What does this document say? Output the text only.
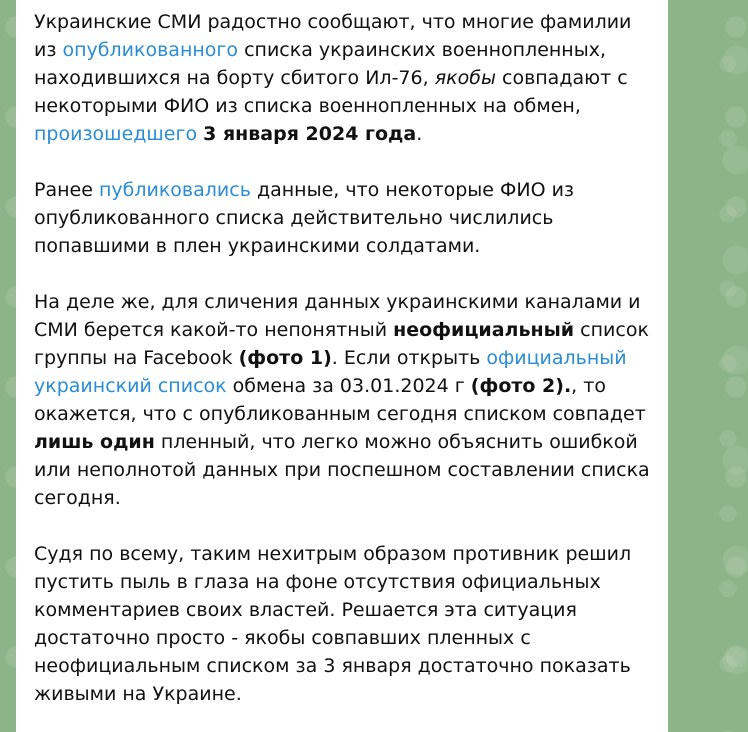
Украинские СМИ радостно сообщают, что многие фамилии из опубликованного списка украинских военнопленных, находившихся на борту сбитого Ил-76, якобы совпадают с некоторыми ФИО из списка военнопленных на обмен, произошедшего 3 января 2024 года.

Ранее публиковались данные, что некоторые ФИО из опубликованного списка действительно числились попавшими в плен украинскими солдатами.

На деле же, для сличения данных украинскими каналами и СМИ берется какой-то непонятный неофициальный список группы на Facebook (фото 1). Если открыть официальный украинский список обмена за 03.01.2024 г (фото 2)., то окажется, что с опубликованным сегодня списком совпадет лишь один пленный, что легко можно объяснить ошибкой или неполнотой данных при поспешном составлении списка сегодня.

Судя по всему, таким нехитрым образом противник решил пустить пыль в глаза на фоне отсутствия официальных комментариев своих властей. Решается эта ситуация достаточно просто - якобы совпавших пленных с неофициальным списком за 3 января достаточно показать живыми на Украине.
